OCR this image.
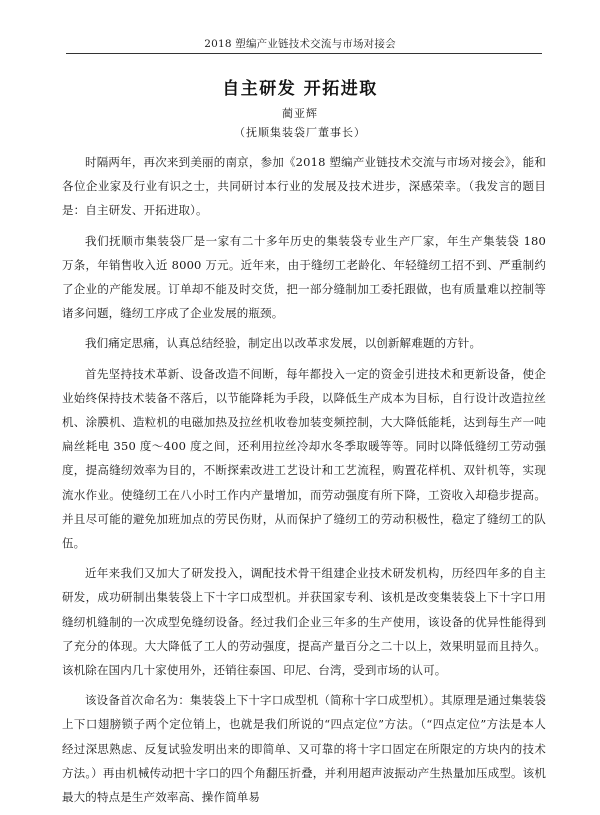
2018 塑编产业链技术交流与市场对接会
自主研发 开拓进取
蔺亚辉
（抚顺集装袋厂董事长）

时隔两年，再次来到美丽的南京，参加《2018 塑编产业链技术交流与市场对接会》，能和各位企业家及行业有识之士，共同研讨本行业的发展及技术进步，深感荣幸。（我发言的题目是：自主研发、开拓进取）。

我们抚顺市集装袋厂是一家有二十多年历史的集装袋专业生产厂家，年生产集装袋 180 万条，年销售收入近 8000 万元。近年来，由于缝纫工老龄化、年轻缝纫工招不到、严重制约了企业的产能发展。订单却不能及时交货，把一部分缝制加工委托跟做，也有质量难以控制等诸多问题，缝纫工序成了企业发展的瓶颈。

我们痛定思痛，认真总结经验，制定出以改革求发展，以创新解难题的方针。

首先坚持技术革新、设备改造不间断，每年都投入一定的资金引进技术和更新设备，使企业始终保持技术装备不落后，以节能降耗为手段，以降低生产成本为目标，自行设计改造拉丝机、涂膜机、造粒机的电磁加热及拉丝机收卷加装变频控制，大大降低能耗，达到每生产一吨扁丝耗电 350 度～400 度之间，还利用拉丝冷却水冬季取暖等等。同时以降低缝纫工劳动强度，提高缝纫效率为目的，不断探索改进工艺设计和工艺流程，购置花样机、双针机等，实现流水作业。使缝纫工在八小时工作内产量增加，而劳动强度有所下降，工资收入却稳步提高。并且尽可能的避免加班加点的劳民伤财，从而保护了缝纫工的劳动积极性，稳定了缝纫工的队伍。

近年来我们又加大了研发投入，调配技术骨干组建企业技术研发机构，历经四年多的自主研发，成功研制出集装袋上下十字口成型机。并获国家专利、该机是改变集装袋上下十字口用缝纫机缝制的一次成型免缝纫设备。经过我们企业三年多的生产使用，该设备的优异性能得到了充分的体现。大大降低了工人的劳动强度，提高产量百分之二十以上，效果明显而且持久。该机除在国内几十家使用外，还销往泰国、印尼、台湾，受到市场的认可。

该设备首次命名为：集装袋上下十字口成型机（简称十字口成型机）。其原理是通过集装袋上下口翅膀锁子两个定位销上，也就是我们所说的“四点定位”方法。（“四点定位”方法是本人经过深思熟虑、反复试验发明出来的即简单、又可靠的将十字口固定在所限定的方块内的技术方法。）再由机械传动把十字口的四个角翻压折叠，并利用超声波振动产生热量加压成型。该机最大的特点是生产效率高、操作简单易
